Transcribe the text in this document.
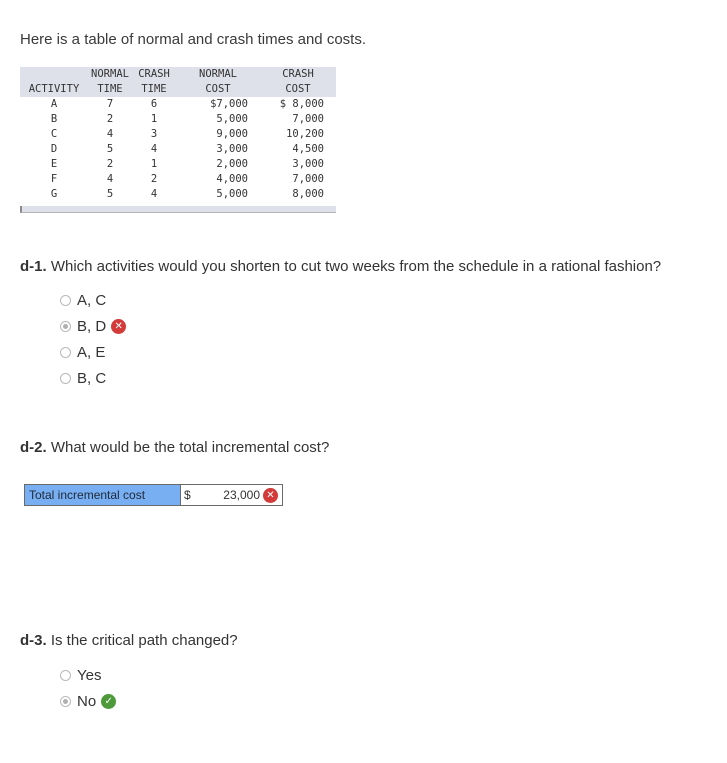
Here is a table of normal and crash times and costs.
	NORMAL	CRASH	NORMAL	CRASH
ACTIVITY	TIME	TIME	COST	COST
A	7	6	$7,000	$ 8,000
B	2	1	5,000	7,000
C	4	3	9,000	10,200
D	5	4	3,000	4,500
E	2	1	2,000	3,000
F	4	2	4,000	7,000
G	5	4	5,000	8,000
d-1. Which activities would you shorten to cut two weeks from the schedule in a rational fashion?
A, C
B, D ✕
A, E
B, C
d-2. What would be the total incremental cost?
Total incremental cost	$	23,000 ✕
d-3. Is the critical path changed?
Yes
No ✓
